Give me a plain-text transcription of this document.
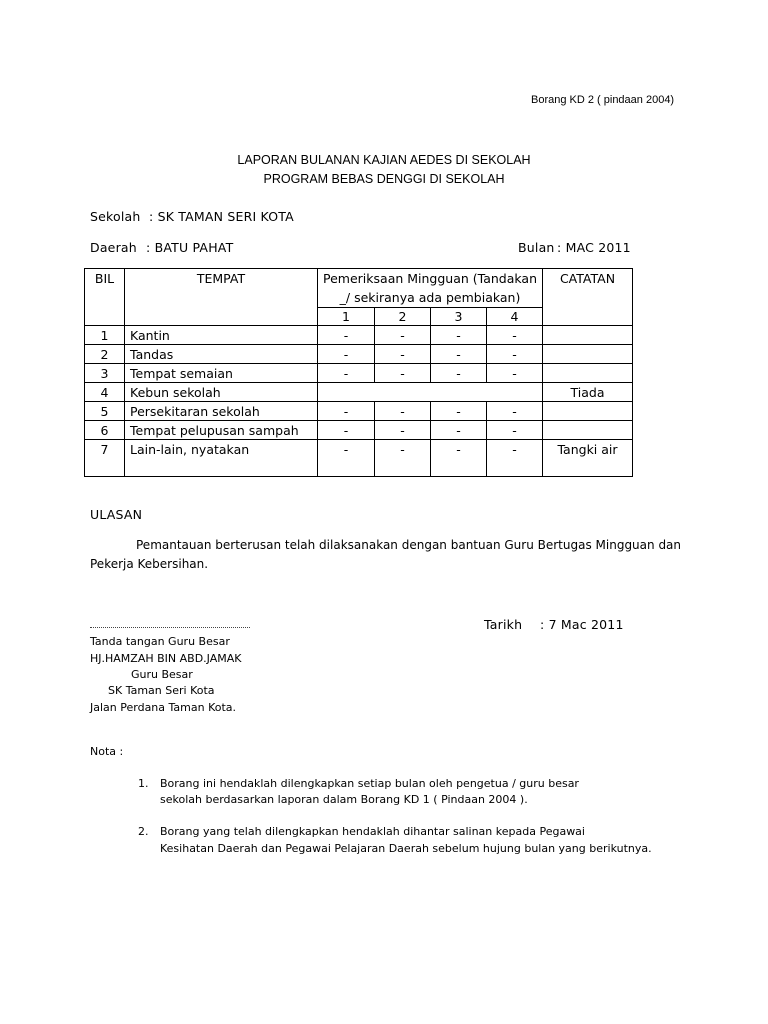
Borang KD 2 ( pindaan 2004)
LAPORAN BULANAN KAJIAN AEDES DI SEKOLAH
PROGRAM BEBAS DENGGI DI SEKOLAH
Sekolah : SK TAMAN SERI KOTA
Daerah : BATU PAHAT	Bulan : MAC 2011
BIL	TEMPAT	Pemeriksaan Mingguan (Tandakan _/ sekiranya ada pembiakan)				CATATAN
		1	2	3	4	
1	Kantin	-	-	-	-	
2	Tandas	-	-	-	-	
3	Tempat semaian	-	-	-	-	
4	Kebun sekolah					Tiada
5	Persekitaran sekolah	-	-	-	-	
6	Tempat pelupusan sampah	-	-	-	-	
7	Lain-lain, nyatakan	-	-	-	-	Tangki air
ULASAN
Pemantauan berterusan telah dilaksanakan dengan bantuan Guru Bertugas Mingguan dan
Pekerja Kebersihan.
Tarikh : 7 Mac 2011
Tanda tangan Guru Besar
HJ.HAMZAH BIN ABD.JAMAK
Guru Besar
SK Taman Seri Kota
Jalan Perdana Taman Kota.
Nota :
1. Borang ini hendaklah dilengkapkan setiap bulan oleh pengetua / guru besar
sekolah berdasarkan laporan dalam Borang KD 1 ( Pindaan 2004 ).
2. Borang yang telah dilengkapkan hendaklah dihantar salinan kepada Pegawai
Kesihatan Daerah dan Pegawai Pelajaran Daerah sebelum hujung bulan yang berikutnya.
